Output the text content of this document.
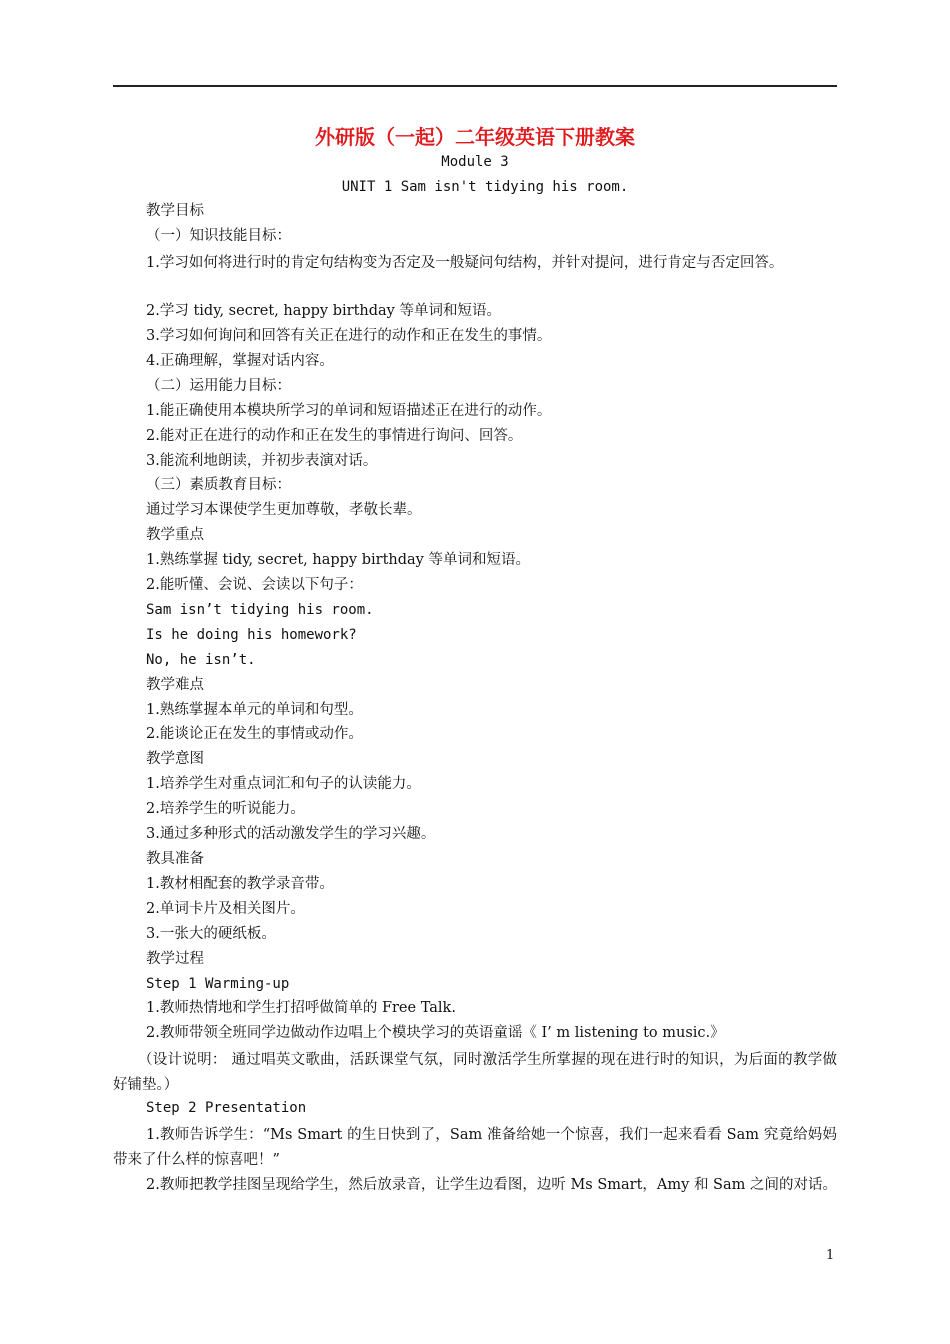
外研版（一起）二年级英语下册教案
Module 3
UNIT 1 Sam isn't tidying his room.
教学目标
（一）知识技能目标：
1.学习如何将进行时的肯定句结构变为否定及一般疑问句结构，并针对提问，进行肯定与否定回答。
2.学习 tidy, secret, happy birthday 等单词和短语。
3.学习如何询问和回答有关正在进行的动作和正在发生的事情。
4.正确理解，掌握对话内容。
（二）运用能力目标：
1.能正确使用本模块所学习的单词和短语描述正在进行的动作。
2.能对正在进行的动作和正在发生的事情进行询问、回答。
3.能流利地朗读，并初步表演对话。
（三）素质教育目标：
通过学习本课使学生更加尊敬，孝敬长辈。
教学重点
1.熟练掌握 tidy, secret, happy birthday 等单词和短语。
2.能听懂、会说、会读以下句子：
Sam isn’t tidying his room.
Is he doing his homework?
No, he isn’t.
教学难点
1.熟练掌握本单元的单词和句型。
2.能谈论正在发生的事情或动作。
教学意图
1.培养学生对重点词汇和句子的认读能力。
2.培养学生的听说能力。
3.通过多种形式的活动激发学生的学习兴趣。
教具准备
1.教材相配套的教学录音带。
2.单词卡片及相关图片。
3.一张大的硬纸板。
教学过程
Step 1 Warming-up
1.教师热情地和学生打招呼做简单的 Free Talk.
2.教师带领全班同学边做动作边唱上个模块学习的英语童谣《 I’ m listening to music.》
（设计说明： 通过唱英文歌曲，活跃课堂气氛，同时激活学生所掌握的现在进行时的知识，为后面的教学做好铺垫。）
Step 2 Presentation
1.教师告诉学生：“Ms Smart 的生日快到了，Sam 准备给她一个惊喜，我们一起来看看 Sam 究竟给妈妈带来了什么样的惊喜吧！”
2.教师把教学挂图呈现给学生，然后放录音，让学生边看图，边听 Ms Smart，Amy 和 Sam 之间的对话。
1
